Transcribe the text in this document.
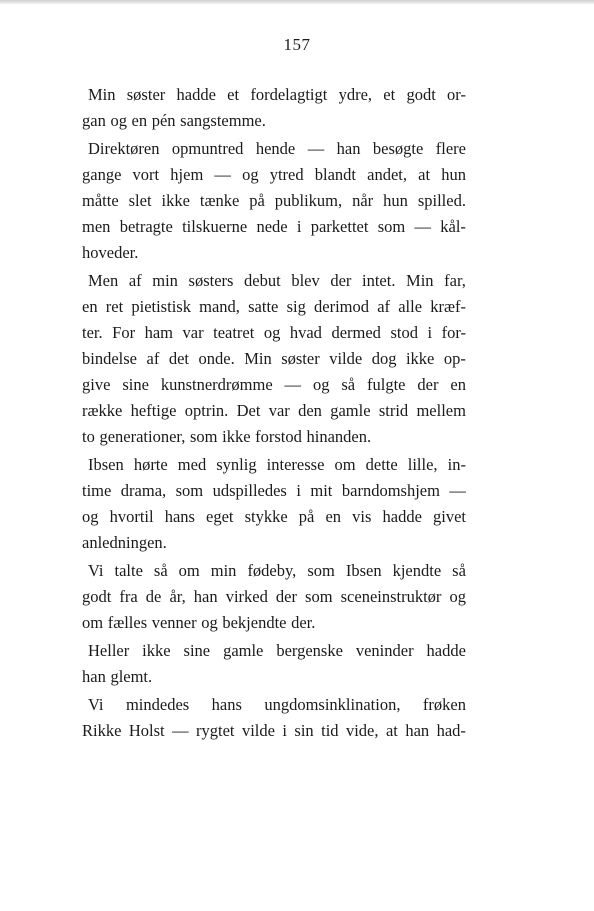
157
Min søster hadde et fordelagtigt ydre, et godt or-
gan og en pén sangstemme.
Direktøren opmuntred hende — han besøgte flere
gange vort hjem — og ytred blandt andet, at hun
måtte slet ikke tænke på publikum, når hun spilled.
men betragte tilskuerne nede i parkettet som — kål-
hoveder.
Men af min søsters debut blev der intet. Min far,
en ret pietistisk mand, satte sig derimod af alle kræf-
ter. For ham var teatret og hvad dermed stod i for-
bindelse af det onde. Min søster vilde dog ikke op-
give sine kunstnerdrømme — og så fulgte der en
række heftige optrin. Det var den gamle strid mellem
to generationer, som ikke forstod hinanden.
Ibsen hørte med synlig interesse om dette lille, in-
time drama, som udspilledes i mit barndomshjem —
og hvortil hans eget stykke på en vis hadde givet
anledningen.
Vi talte så om min fødeby, som Ibsen kjendte så
godt fra de år, han virked der som sceneinstruktør og
om fælles venner og bekjendte der.
Heller ikke sine gamle bergenske veninder hadde
han glemt.
Vi mindedes hans ungdomsinklination, frøken
Rikke Holst — rygtet vilde i sin tid vide, at han had-
